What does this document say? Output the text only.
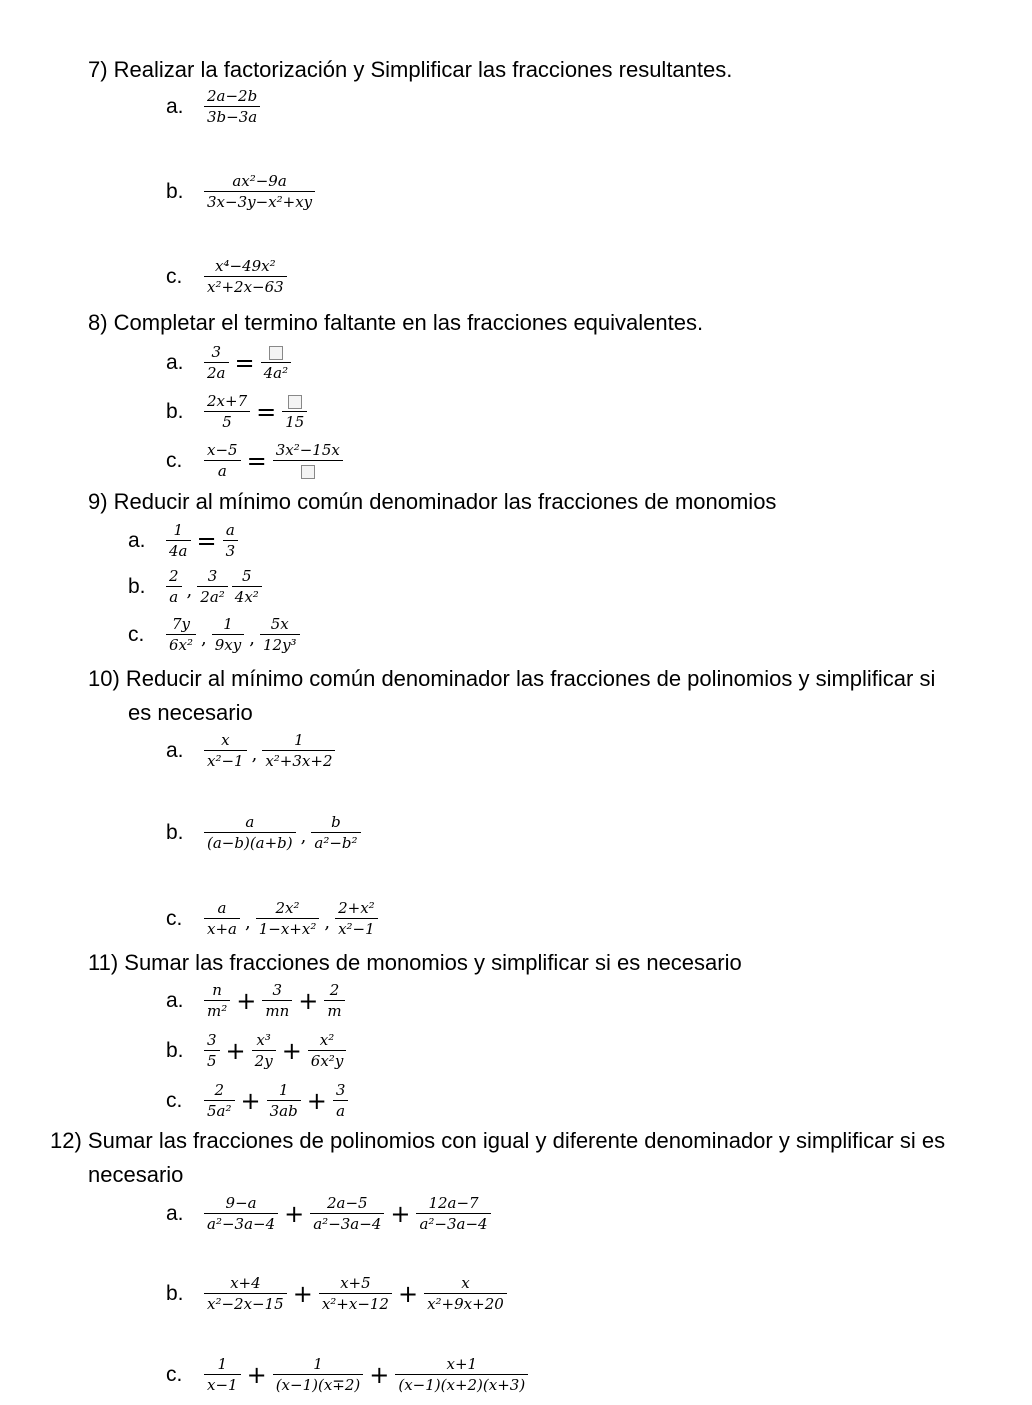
7) Realizar la factorización y Simplificar las fracciones resultantes.
a.	$\frac{2a-2b}{3b-3a}$
b.	$\frac{\text{ax²−9a}}{\text{3x−3y−x²+xy}}$
c.	$\frac{\text{x⁴−49x²}}{\text{x²+2x−63}}$
8) Completar el termino faltante en las fracciones equivalentes.
a.	$\frac{3}{2a} = 4a^2$
b.	$\frac{2x+7}{5} = 15$
c.	$\frac{x-5}{a} = 3x^2-15x$
9) Reducir al mínimo común denominador las fracciones de monomios
a.	$\frac{1}{4a} = \frac{a}{3}$
b.	$\frac{2}{a}$ , $\frac{3}{\text{2a²}} \frac{5}{\text{4x²}}$
c.	$\frac{7y}{\text{6x²}}$ , $\frac{1}{9xy}$ , $\frac{5x}{\text{12y³}}$
10) Reducir al mínimo común denominador las fracciones de polinomios y simplificar si
es necesario
a.	$\frac{x}{\text{x²−1}}$ , $\frac{1}{\text{x²+3x+2}}$
b.	$\frac{a}{(a-b)(a+b)}$ , $\frac{b}{\text{a²−b²}}$
c.	$\frac{a}{x+a}$ , $\frac{\text{2x²}}{\text{1−x+x²}}$ , $\frac{\text{2+x²}}{\text{x²−1}}$
11) Sumar las fracciones de monomios y simplificar si es necesario
a.	$\frac{n}{\text{m²}} + \frac{3}{mn} + \frac{2}{m}$
b.	$\frac{3}{5} + \frac{\text{x³}}{2y} + \frac{\text{x²}}{\text{6x²y}}$
c.	$\frac{2}{\text{5a²}} + \frac{1}{3ab} + \frac{3}{a}$
12) Sumar las fracciones de polinomios con igual y diferente denominador y simplificar si es
necesario
a.	$\frac{9-a}{\text{a²−3a−4}} + \frac{2a-5}{\text{a²−3a−4}} + \frac{12a-7}{\text{a²−3a−4}}$
b.	$\frac{x+4}{\text{x²−2x−15}} + \frac{x+5}{\text{x²+x−12}} + \frac{x}{\text{x²+9x+20}}$
c.	$\frac{1}{x-1} + \frac{1}{(x-1)(x\mp 2)} + \frac{x+1}{(x-1)(x+2)(x+3)}$
